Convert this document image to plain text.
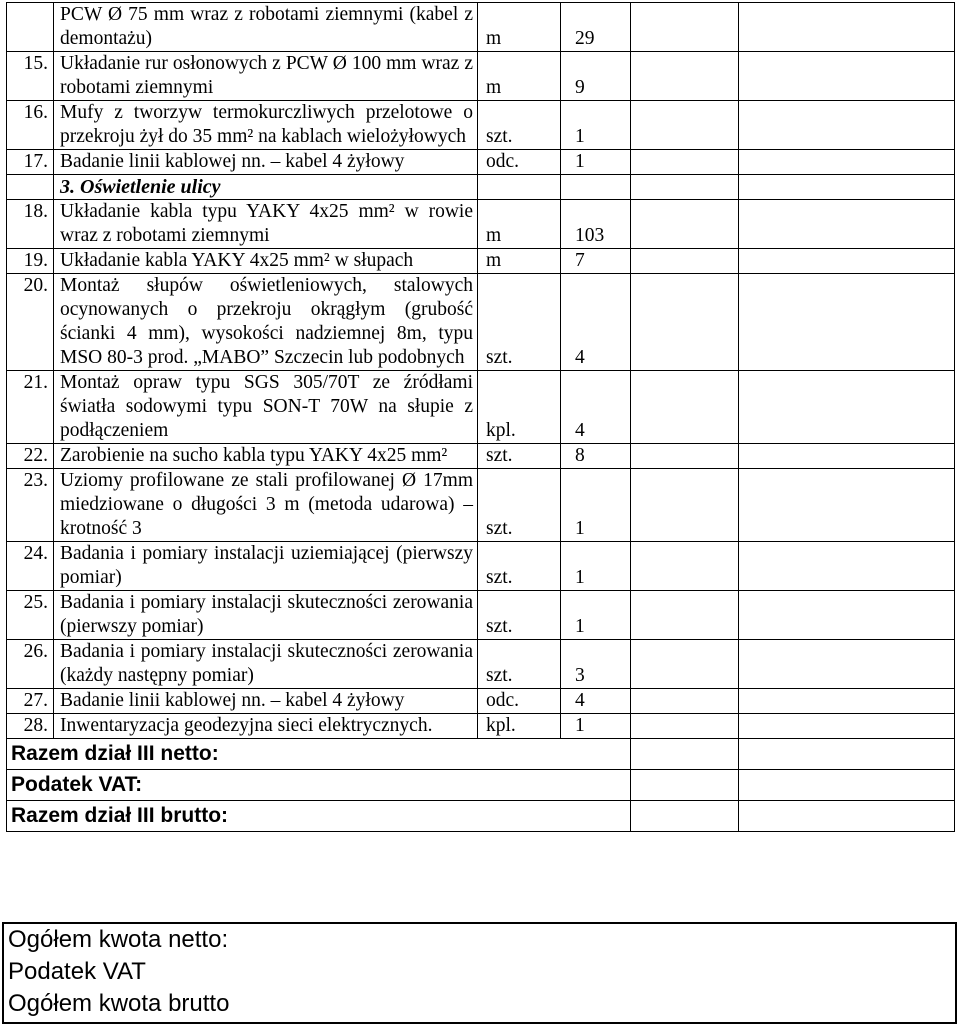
	PCW Ø 75 mm wraz z robotami ziemnymi (kabel z demontażu)	m	29		

15.	Układanie rur osłonowych z PCW Ø 100 mm wraz z robotami ziemnymi	m	9		

16.	Mufy z tworzyw termokurczliwych przelotowe o przekroju żył do 35 mm² na kablach wielożyłowych	szt.	1		

17.	Badanie linii kablowej nn. – kabel 4 żyłowy	odc.	1		

	3. Oświetlenie ulicy				
18.	Układanie kabla typu YAKY 4x25 mm² w rowie wraz z robotami ziemnymi	m	103		

19.	Układanie kabla YAKY 4x25 mm² w słupach	m	7		

20.	Montaż słupów oświetleniowych, stalowych ocynowanych o przekroju okrągłym (grubość ścianki 4 mm), wysokości nadziemnej 8m, typu MSO 80-3 prod. „MABO” Szczecin lub podobnych	szt.	4		

21.	Montaż opraw typu SGS 305/70T ze źródłami światła sodowymi typu SON-T 70W na słupie z podłączeniem	kpl.	4		

22.	Zarobienie na sucho kabla typu YAKY 4x25 mm²	szt.	8		

23.	Uziomy profilowane ze stali profilowanej Ø 17mm miedziowane o długości 3 m (metoda udarowa) – krotność 3	szt.	1		

24.	Badania i pomiary instalacji uziemiającej (pierwszy pomiar)	szt.	1		

25.	Badania i pomiary instalacji skuteczności zerowania (pierwszy pomiar)	szt.	1		

26.	Badania i pomiary instalacji skuteczności zerowania (każdy następny pomiar)	szt.	3		

27.	Badanie linii kablowej nn. – kabel 4 żyłowy	odc.	4		

28.	Inwentaryzacja geodezyjna sieci elektrycznych.	kpl.	1		

Razem dział III netto:					
Podatek VAT:					
Razem dział III brutto:					
Ogółem kwota netto:
Podatek VAT
Ogółem kwota brutto
